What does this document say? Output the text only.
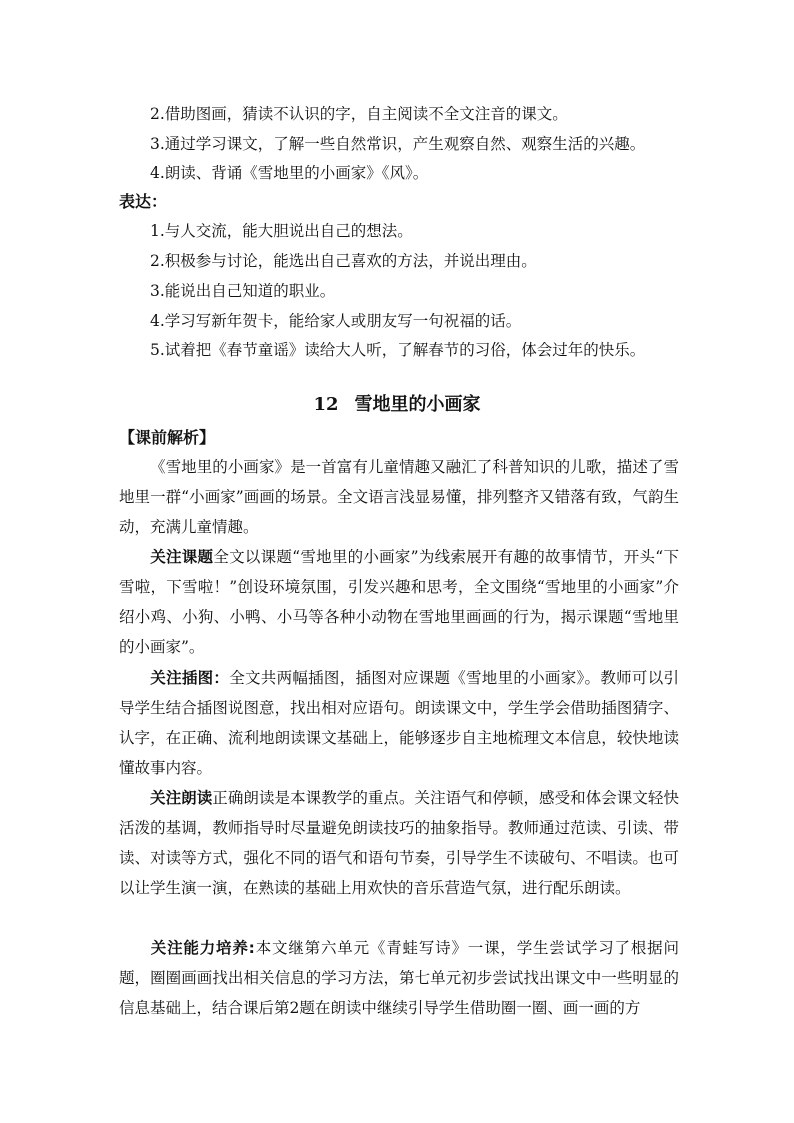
2.借助图画，猜读不认识的字，自主阅读不全文注音的课文。
3.通过学习课文，了解一些自然常识，产生观察自然、观察生活的兴趣。
4.朗读、背诵《雪地里的小画家》《风》。
表达：
1.与人交流，能大胆说出自己的想法。
2.积极参与讨论，能选出自己喜欢的方法，并说出理由。
3.能说出自己知道的职业。
4.学习写新年贺卡，能给家人或朋友写一句祝福的话。
5.试着把《春节童谣》读给大人听，了解春节的习俗，体会过年的快乐。
12 雪地里的小画家
【课前解析】
《雪地里的小画家》是一首富有儿童情趣又融汇了科普知识的儿歌，描述了雪地里一群“小画家”画画的场景。全文语言浅显易懂，排列整齐又错落有致，气韵生动，充满儿童情趣。
关注课题全文以课题“雪地里的小画家”为线索展开有趣的故事情节，开头“下雪啦，下雪啦！”创设环境氛围，引发兴趣和思考，全文围绕“雪地里的小画家”介绍小鸡、小狗、小鸭、小马等各种小动物在雪地里画画的行为，揭示课题“雪地里的小画家”。
关注插图：全文共两幅插图，插图对应课题《雪地里的小画家》。教师可以引导学生结合插图说图意，找出相对应语句。朗读课文中，学生学会借助插图猜字、认字，在正确、流利地朗读课文基础上，能够逐步自主地梳理文本信息，较快地读懂故事内容。
关注朗读正确朗读是本课教学的重点。关注语气和停顿，感受和体会课文轻快活泼的基调，教师指导时尽量避免朗读技巧的抽象指导。教师通过范读、引读、带读、对读等方式，强化不同的语气和语句节奏，引导学生不读破句、不唱读。也可以让学生演一演，在熟读的基础上用欢快的音乐营造气氛，进行配乐朗读。
关注能力培养:本文继第六单元《青蛙写诗》一课，学生尝试学习了根据问题，圈圈画画找出相关信息的学习方法，第七单元初步尝试找出课文中一些明显的信息基础上，结合课后第2题在朗读中继续引导学生借助圈一圈、画一画的方
